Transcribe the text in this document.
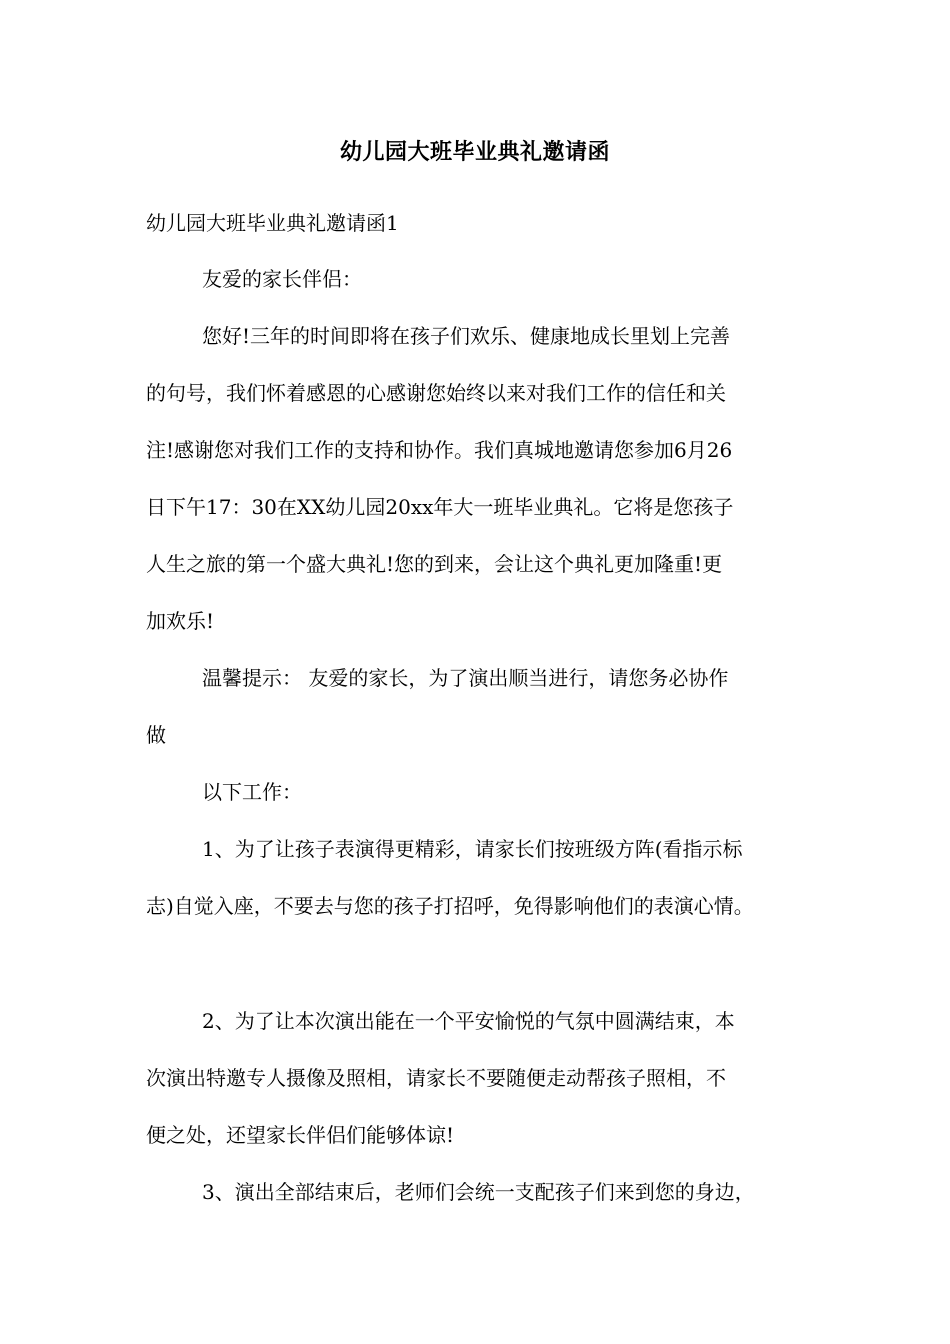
幼儿园大班毕业典礼邀请函
幼儿园大班毕业典礼邀请函1
友爱的家长伴侣：
您好!三年的时间即将在孩子们欢乐、健康地成长里划上完善
的句号，我们怀着感恩的心感谢您始终以来对我们工作的信任和关
注!感谢您对我们工作的支持和协作。我们真城地邀请您参加6月26
日下午17：30在XX幼儿园20xx年大一班毕业典礼。它将是您孩子
人生之旅的第一个盛大典礼!您的到来，会让这个典礼更加隆重!更
加欢乐!
温馨提示： 友爱的家长，为了演出顺当进行，请您务必协作
做
以下工作：
1、为了让孩子表演得更精彩，请家长们按班级方阵(看指示标
志)自觉入座，不要去与您的孩子打招呼，免得影响他们的表演心情。
2、为了让本次演出能在一个平安愉悦的气氛中圆满结束，本
次演出特邀专人摄像及照相，请家长不要随便走动帮孩子照相，不
便之处，还望家长伴侣们能够体谅!
3、演出全部结束后，老师们会统一支配孩子们来到您的身边，
